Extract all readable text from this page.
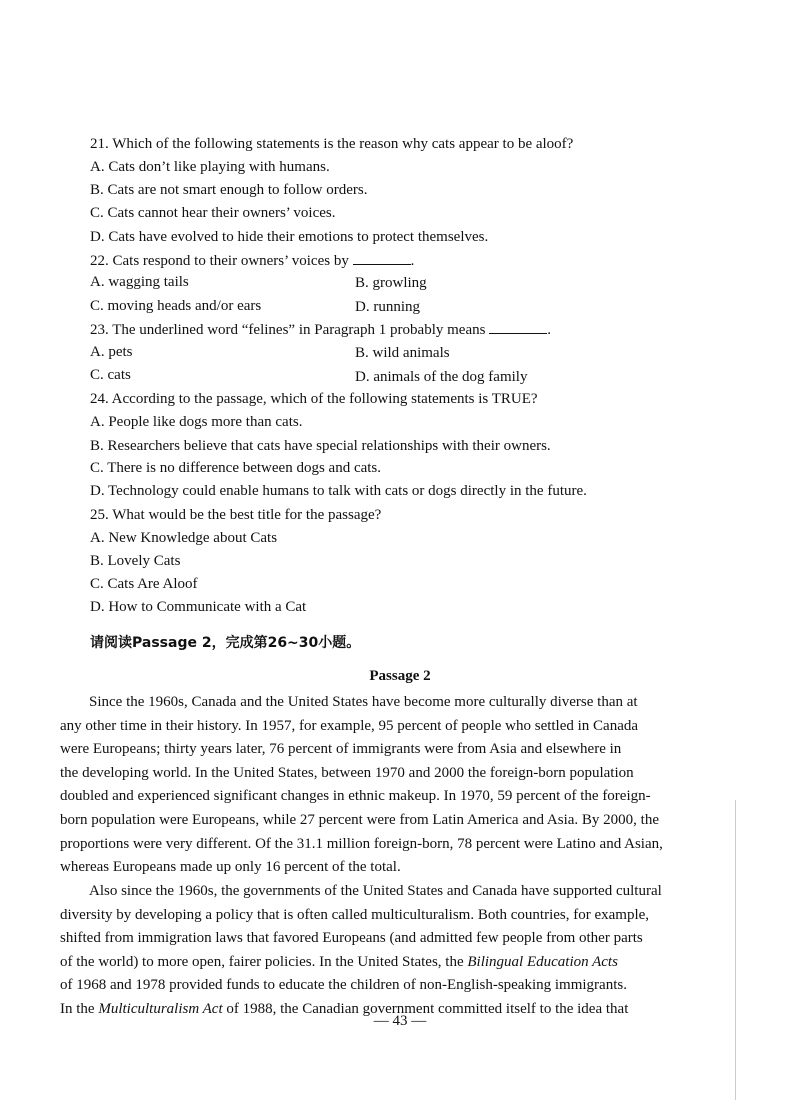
21. Which of the following statements is the reason why cats appear to be aloof?
A. Cats don’t like playing with humans.
B. Cats are not smart enough to follow orders.
C. Cats cannot hear their owners’ voices.
D. Cats have evolved to hide their emotions to protect themselves.
22. Cats respond to their owners’ voices by	.
A. wagging tails	B. growling
C. moving heads and/or ears	D. running
23. The underlined word “felines” in Paragraph 1 probably means	.
A. pets	B. wild animals
C. cats	D. animals of the dog family
24. According to the passage, which of the following statements is TRUE?
A. People like dogs more than cats.
B. Researchers believe that cats have special relationships with their owners.
C. There is no difference between dogs and cats.
D. Technology could enable humans to talk with cats or dogs directly in the future.
25. What would be the best title for the passage?
A. New Knowledge about Cats
B. Lovely Cats
C. Cats Are Aloof
D. How to Communicate with a Cat
请阅读Passage 2，完成第26~30小题。
Passage 2
Since the 1960s, Canada and the United States have become more culturally diverse than at
any other time in their history. In 1957, for example, 95 percent of people who settled in Canada
were Europeans; thirty years later, 76 percent of immigrants were from Asia and elsewhere in
the developing world. In the United States, between 1970 and 2000 the foreign-born population
doubled and experienced significant changes in ethnic makeup. In 1970, 59 percent of the foreign-
born population were Europeans, while 27 percent were from Latin America and Asia. By 2000, the
proportions were very different. Of the 31.1 million foreign-born, 78 percent were Latino and Asian,
whereas Europeans made up only 16 percent of the total.
Also since the 1960s, the governments of the United States and Canada have supported cultural
diversity by developing a policy that is often called multiculturalism. Both countries, for example,
shifted from immigration laws that favored Europeans (and admitted few people from other parts
of the world) to more open, fairer policies. In the United States, the Bilingual Education Acts
of 1968 and 1978 provided funds to educate the children of non-English-speaking immigrants.
In the Multiculturalism Act of 1988, the Canadian government committed itself to the idea that
— 43 —
